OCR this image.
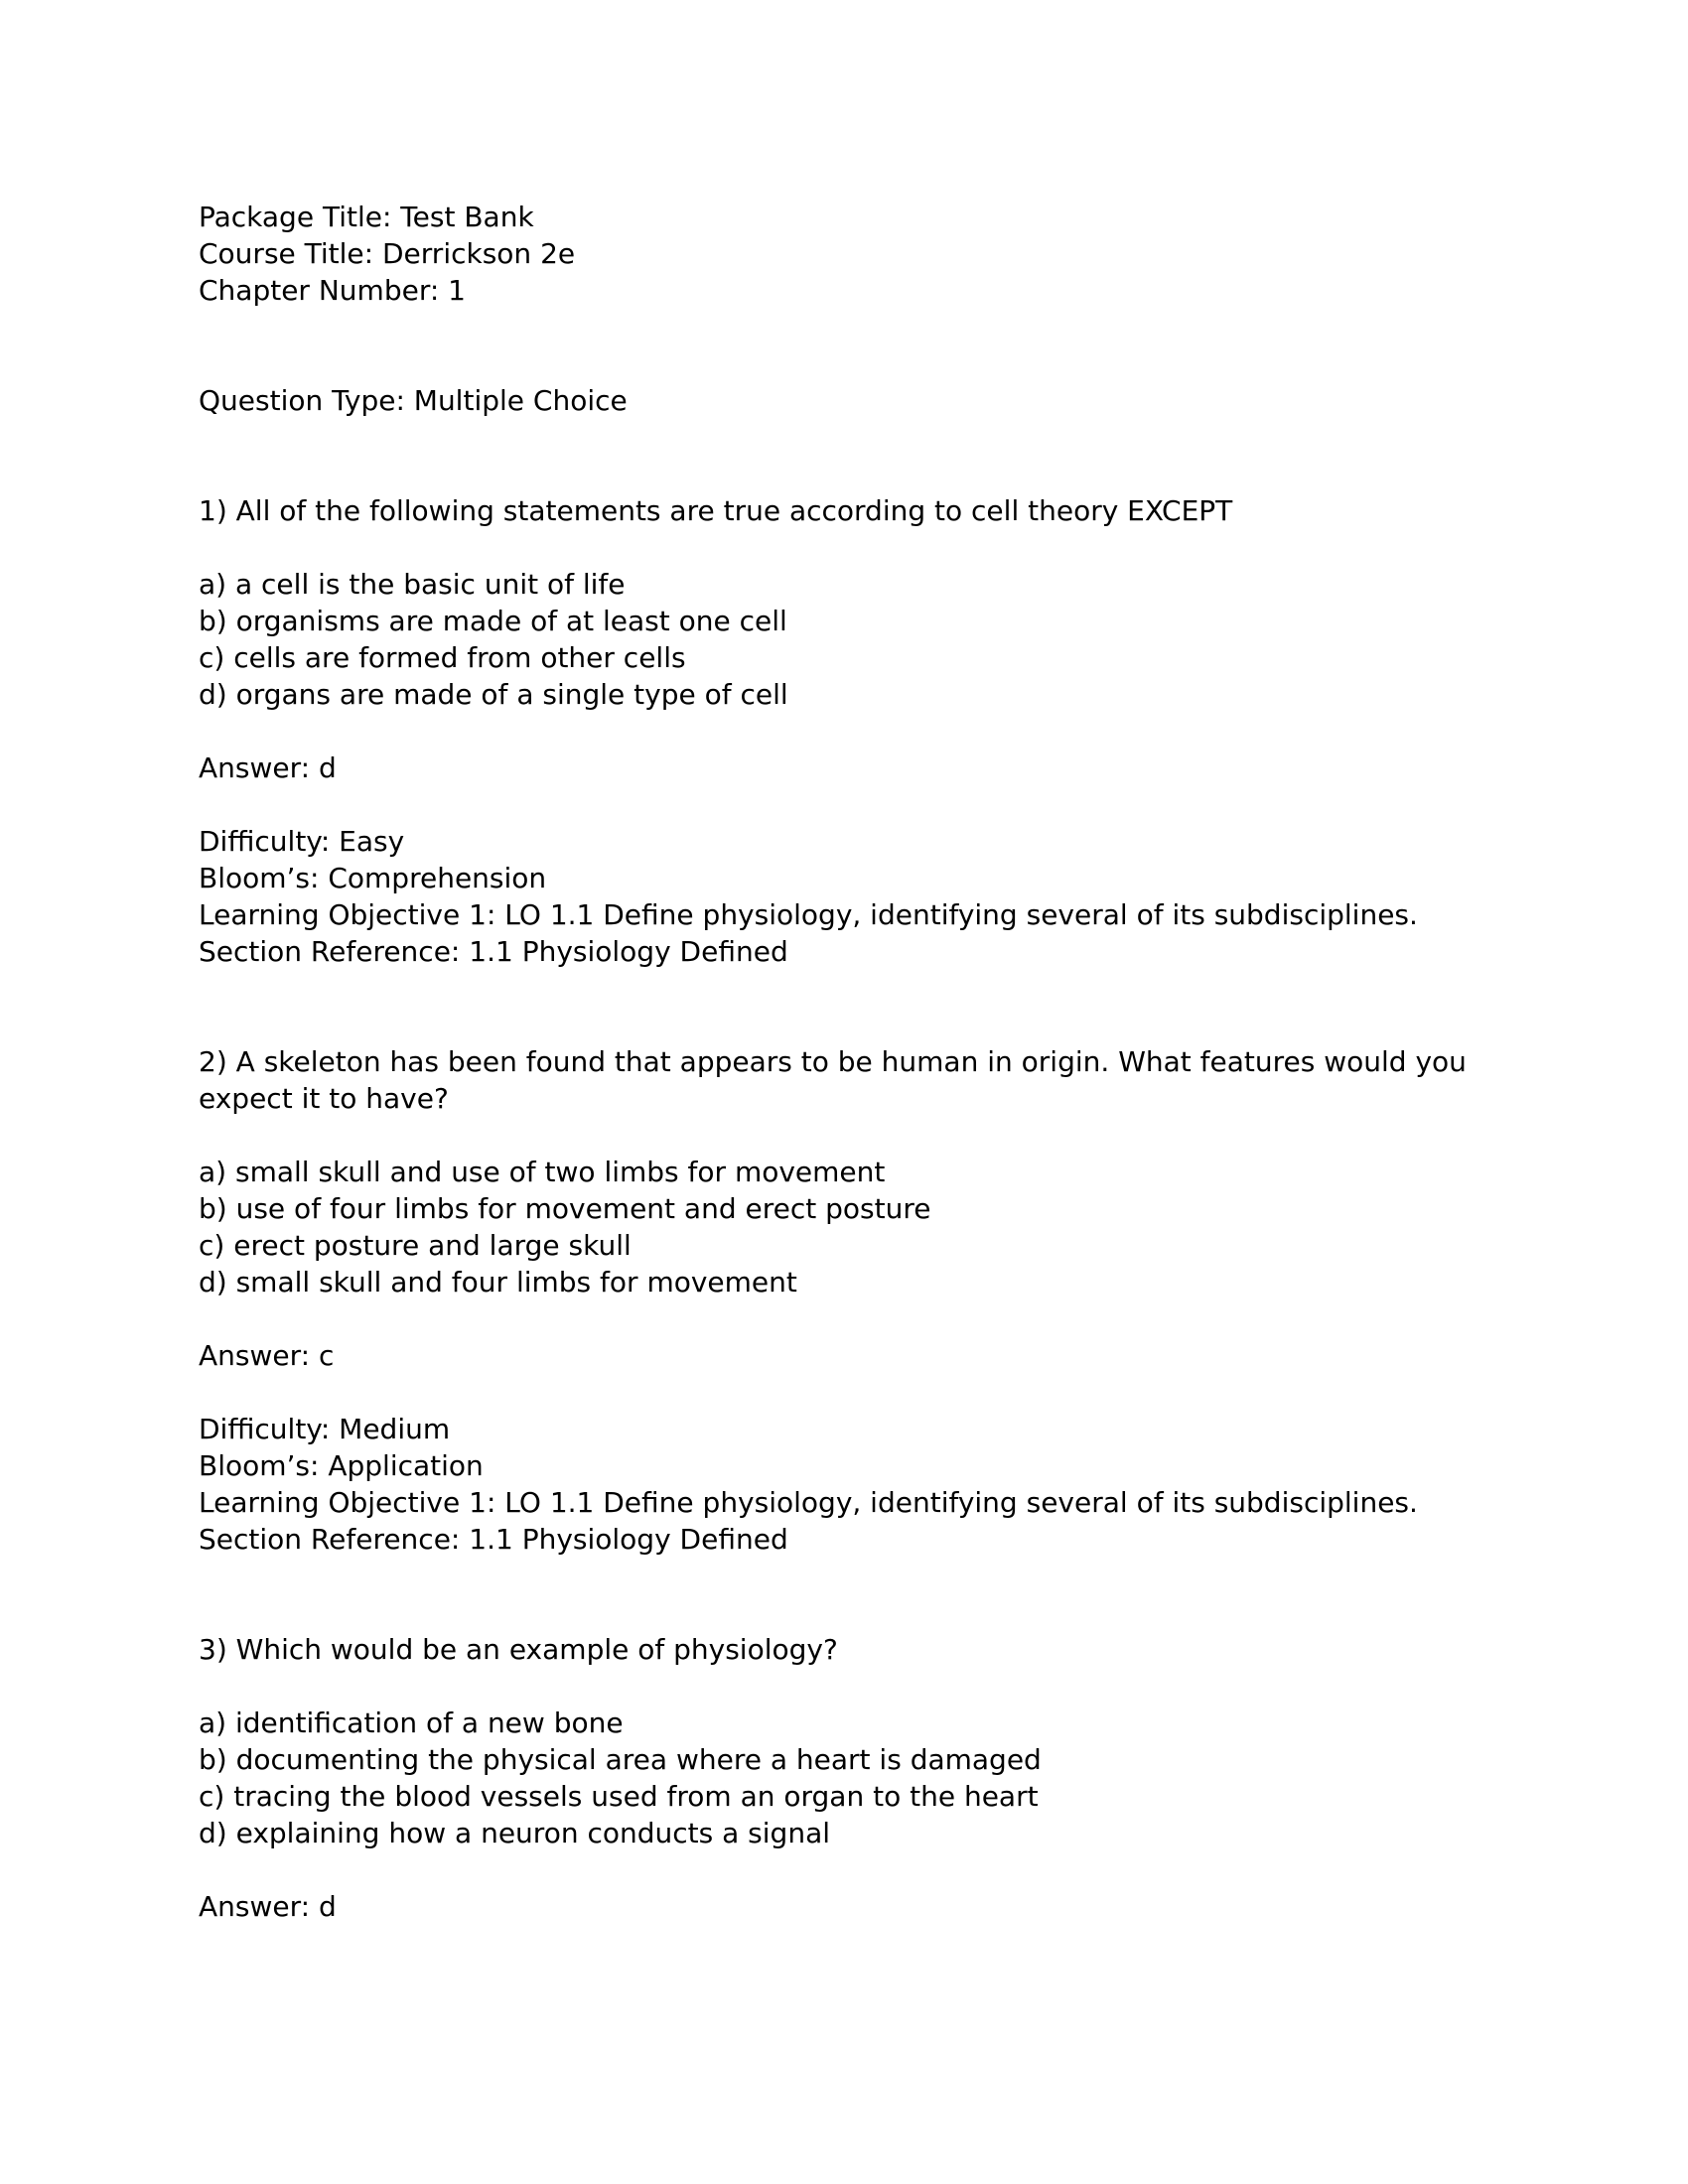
Package Title: Test Bank
Course Title: Derrickson 2e
Chapter Number: 1
Question Type: Multiple Choice
1) All of the following statements are true according to cell theory EXCEPT
a) a cell is the basic unit of life
b) organisms are made of at least one cell
c) cells are formed from other cells
d) organs are made of a single type of cell
Answer: d
Difficulty: Easy
Bloom’s: Comprehension
Learning Objective 1: LO 1.1 Define physiology, identifying several of its subdisciplines.
Section Reference: 1.1 Physiology Defined
2) A skeleton has been found that appears to be human in origin. What features would you expect it to have?
a) small skull and use of two limbs for movement
b) use of four limbs for movement and erect posture
c) erect posture and large skull
d) small skull and four limbs for movement
Answer: c
Difficulty: Medium
Bloom’s: Application
Learning Objective 1: LO 1.1 Define physiology, identifying several of its subdisciplines.
Section Reference: 1.1 Physiology Defined
3) Which would be an example of physiology?
a) identification of a new bone
b) documenting the physical area where a heart is damaged
c) tracing the blood vessels used from an organ to the heart
d) explaining how a neuron conducts a signal
Answer: d
